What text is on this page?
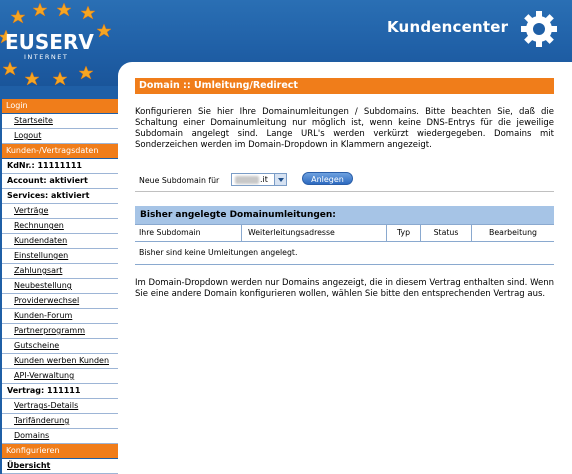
EUSERV
INTERNET
Kundencenter
Login
Startseite
Logout
Kunden-/Vertragsdaten
KdNr.: 11111111
Account: aktiviert
Services: aktiviert
Verträge
Rechnungen
Kundendaten
Einstellungen
Zahlungsart
Neubestellung
Providerwechsel
Kunden-Forum
Partnerprogramm
Gutscheine
Kunden werben Kunden
API-Verwaltung
Vertrag: 111111
Vertrags-Details
Tarifänderung
Domains
Konfigurieren
Übersicht
Domain :: Umleitung/Redirect
Konfigurieren Sie hier Ihre Domainumleitungen / Subdomains. Bitte beachten Sie, daß die Schaltung einer Domainumleitung nur möglich ist, wenn keine DNS-Entrys für die jeweilige Subdomain angelegt sind. Lange URL's werden verkürzt wiedergegeben. Domains mit Sonderzeichen werden im Domain-Dropdown in Klammern angezeigt.
Neue Subdomain für	.it	Anlegen
Bisher angelegte Domainumleitungen:
Ihre Subdomain	Weiterleitungsadresse	Typ	Status	Bearbeitung
Bisher sind keine Umleitungen angelegt.
Im Domain-Dropdown werden nur Domains angezeigt, die in diesem Vertrag enthalten sind. Wenn Sie eine andere Domain konfigurieren wollen, wählen Sie bitte den entsprechenden Vertrag aus.
